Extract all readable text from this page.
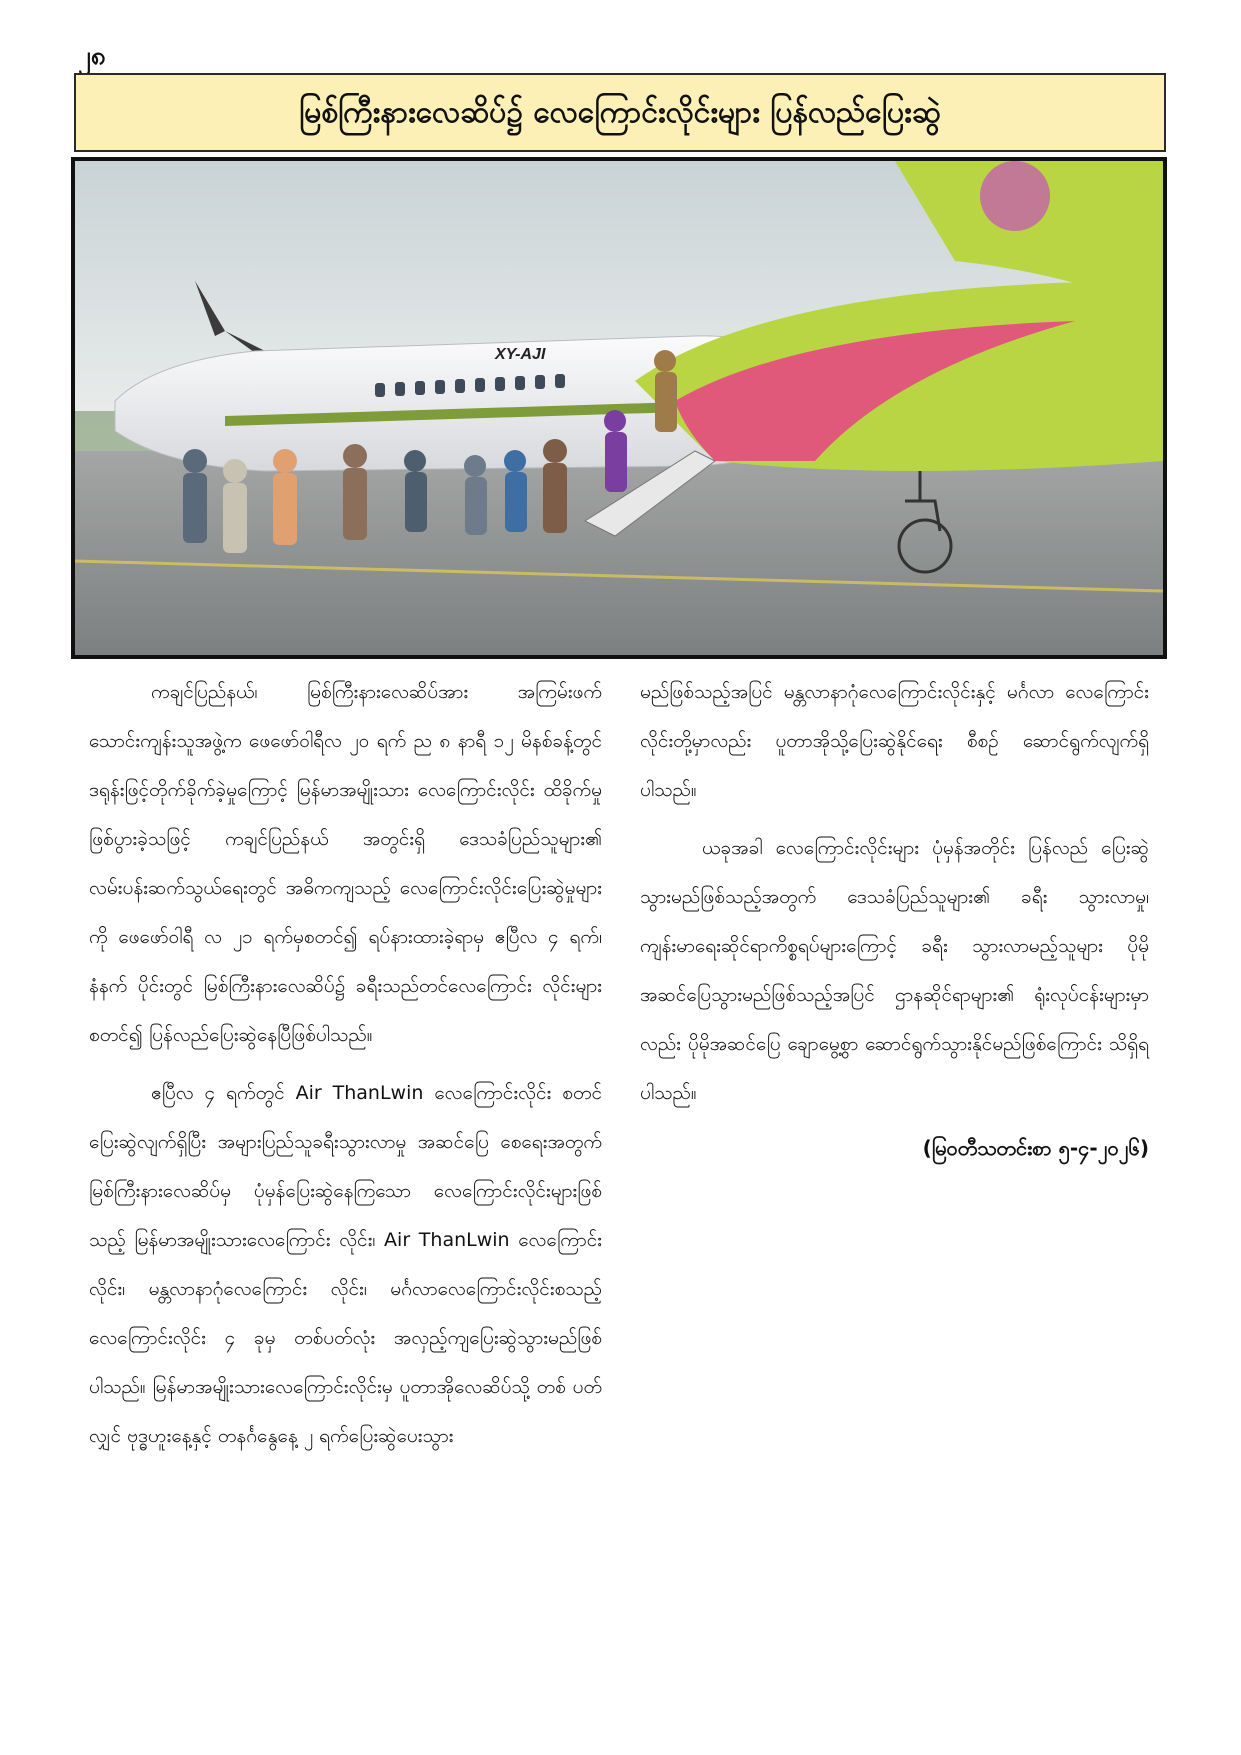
၂၈
မြစ်ကြီးနားလေဆိပ်၌ လေကြောင်းလိုင်းများ ပြန်လည်ပြေးဆွဲ
XY-AJI

ကချင်ပြည်နယ်၊ မြစ်ကြီးနားလေဆိပ်အား အကြမ်းဖက် သောင်းကျန်းသူအဖွဲ့က ဖေဖော်ဝါရီလ ၂၀ ရက် ည ၈ နာရီ ၁၂ မိနစ်ခန့်တွင် ဒရုန်းဖြင့်တိုက်ခိုက်ခဲ့မှုကြောင့် မြန်မာအမျိုးသား လေကြောင်းလိုင်း ထိခိုက်မှုဖြစ်ပွားခဲ့သဖြင့် ကချင်ပြည်နယ် အတွင်းရှိ ဒေသခံပြည်သူများ၏ လမ်းပန်းဆက်သွယ်ရေးတွင် အဓိကကျသည့် လေကြောင်းလိုင်းပြေးဆွဲမှုများကို ဖေဖော်ဝါရီ လ ၂၁ ရက်မှစတင်၍ ရပ်နားထားခဲ့ရာမှ ဧပြီလ ၄ ရက်၊ နံနက် ပိုင်းတွင် မြစ်ကြီးနားလေဆိပ်၌ ခရီးသည်တင်လေကြောင်း လိုင်းများ စတင်၍ ပြန်လည်ပြေးဆွဲနေပြီဖြစ်ပါသည်။

ဧပြီလ ၄ ရက်တွင် Air ThanLwin လေကြောင်းလိုင်း စတင်ပြေးဆွဲလျက်ရှိပြီး အများပြည်သူခရီးသွားလာမှု အဆင်ပြေ စေရေးအတွက် မြစ်ကြီးနားလေဆိပ်မှ ပုံမှန်ပြေးဆွဲနေကြသော လေကြောင်းလိုင်းများဖြစ်သည့် မြန်မာအမျိုးသားလေကြောင်း လိုင်း၊ Air ThanLwin လေကြောင်းလိုင်း၊ မန္တလာနာဂုံလေကြောင်း လိုင်း၊ မင်္ဂလာလေကြောင်းလိုင်းစသည့် လေကြောင်းလိုင်း ၄ ခုမှ တစ်ပတ်လုံး အလှည့်ကျပြေးဆွဲသွားမည်ဖြစ်ပါသည်။ မြန်မာအမျိုးသားလေကြောင်းလိုင်းမှ ပူတာအိုလေဆိပ်သို့ တစ် ပတ်လျှင် ဗုဒ္ဓဟူးနေ့နှင့် တနင်္ဂနွေနေ့ ၂ ရက်ပြေးဆွဲပေးသွား

မည်ဖြစ်သည့်အပြင် မန္တလာနာဂုံလေကြောင်းလိုင်းနှင့် မင်္ဂလာ လေကြောင်းလိုင်းတို့မှာလည်း ပူတာအိုသို့ပြေးဆွဲနိုင်ရေး စီစဉ် ဆောင်ရွက်လျက်ရှိပါသည်။

ယခုအခါ လေကြောင်းလိုင်းများ ပုံမှန်အတိုင်း ပြန်လည် ပြေးဆွဲသွားမည်ဖြစ်သည့်အတွက် ဒေသခံပြည်သူများ၏ ခရီး သွားလာမှု၊ ကျန်းမာရေးဆိုင်ရာကိစ္စရပ်များကြောင့် ခရီး သွားလာမည့်သူများ ပိုမိုအဆင်ပြေသွားမည်ဖြစ်သည့်အပြင် ဌာနဆိုင်ရာများ၏ ရုံးလုပ်ငန်းများမှာလည်း ပိုမိုအဆင်ပြေ ချောမွေ့စွာ ဆောင်ရွက်သွားနိုင်မည်ဖြစ်ကြောင်း သိရှိရပါသည်။

(မြဝတီသတင်းစာ ၅-၄-၂၀၂၆)
